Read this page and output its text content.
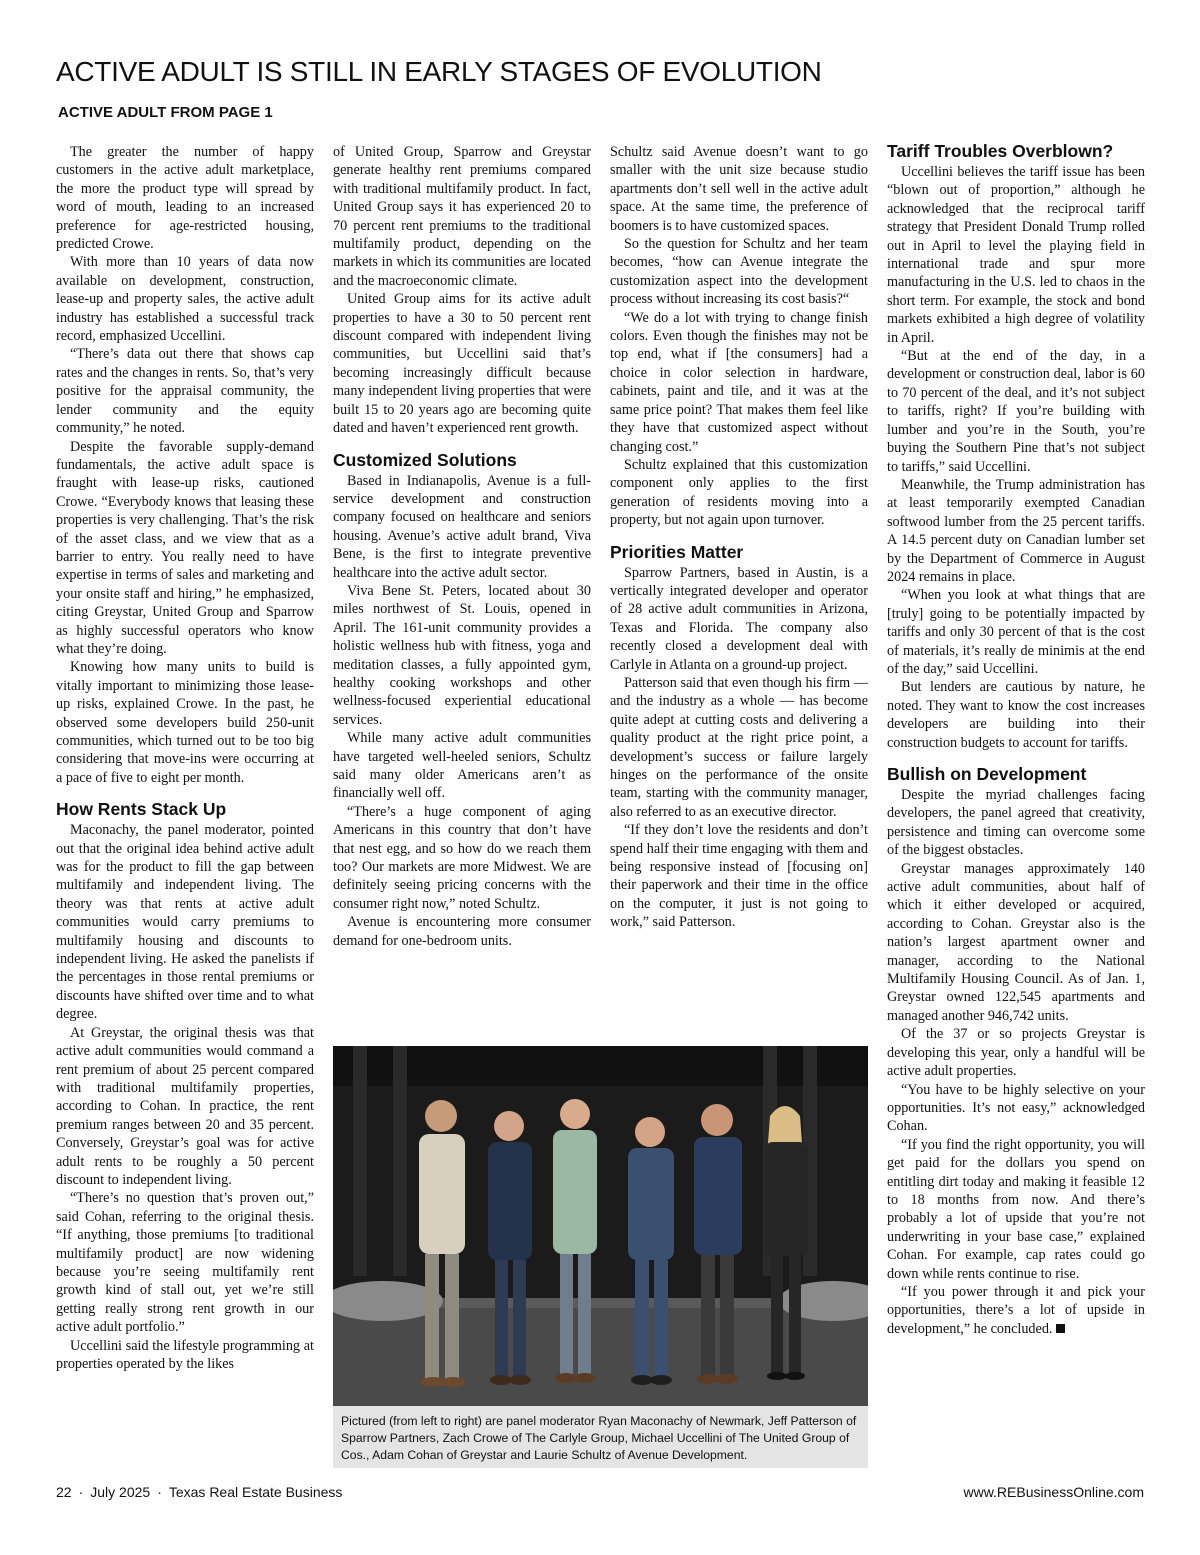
ACTIVE ADULT IS STILL IN EARLY STAGES OF EVOLUTION
ACTIVE ADULT FROM PAGE 1

The greater the number of happy customers in the active adult marketplace, the more the product type will spread by word of mouth, leading to an increased preference for age-restricted housing, predicted Crowe.

With more than 10 years of data now available on development, construction, lease-up and property sales, the active adult industry has established a successful track record, emphasized Uccellini.

“There’s data out there that shows cap rates and the changes in rents. So, that’s very positive for the appraisal community, the lender community and the equity community,” he noted.

Despite the favorable supply-demand fundamentals, the active adult space is fraught with lease-up risks, cautioned Crowe. “Everybody knows that leasing these properties is very challenging. That’s the risk of the asset class, and we view that as a barrier to entry. You really need to have expertise in terms of sales and marketing and your onsite staff and hiring,” he emphasized, citing Greystar, United Group and Sparrow as highly successful operators who know what they’re doing.

Knowing how many units to build is vitally important to minimizing those lease-up risks, explained Crowe. In the past, he observed some developers build 250-unit communities, which turned out to be too big considering that move-ins were occurring at a pace of five to eight per month.

How Rents Stack Up

Maconachy, the panel moderator, pointed out that the original idea behind active adult was for the product to fill the gap between multifamily and independent living. The theory was that rents at active adult communities would carry premiums to multifamily housing and discounts to independent living. He asked the panelists if the percentages in those rental premiums or discounts have shifted over time and to what degree.

At Greystar, the original thesis was that active adult communities would command a rent premium of about 25 percent compared with traditional multifamily properties, according to Cohan. In practice, the rent premium ranges between 20 and 35 percent. Conversely, Greystar’s goal was for active adult rents to be roughly a 50 percent discount to independent living.

“There’s no question that’s proven out,” said Cohan, referring to the original thesis. “If anything, those premiums [to traditional multifamily product] are now widening because you’re seeing multifamily rent growth kind of stall out, yet we’re still getting really strong rent growth in our active adult portfolio.”

Uccellini said the lifestyle programming at properties operated by the likes

of United Group, Sparrow and Greystar generate healthy rent premiums compared with traditional multifamily product. In fact, United Group says it has experienced 20 to 70 percent rent premiums to the traditional multifamily product, depending on the markets in which its communities are located and the macroeconomic climate.

United Group aims for its active adult properties to have a 30 to 50 percent rent discount compared with independent living communities, but Uccellini said that’s becoming increasingly difficult because many independent living properties that were built 15 to 20 years ago are becoming quite dated and haven’t experienced rent growth.

Customized Solutions

Based in Indianapolis, Avenue is a full-service development and construction company focused on healthcare and seniors housing. Avenue’s active adult brand, Viva Bene, is the first to integrate preventive healthcare into the active adult sector.

Viva Bene St. Peters, located about 30 miles northwest of St. Louis, opened in April. The 161-unit community provides a holistic wellness hub with fitness, yoga and meditation classes, a fully appointed gym, healthy cooking workshops and other wellness-focused experiential educational services.

While many active adult communities have targeted well-heeled seniors, Schultz said many older Americans aren’t as financially well off.

“There’s a huge component of aging Americans in this country that don’t have that nest egg, and so how do we reach them too? Our markets are more Midwest. We are definitely seeing pricing concerns with the consumer right now,” noted Schultz.

Avenue is encountering more consumer demand for one-bedroom units.

Schultz said Avenue doesn’t want to go smaller with the unit size because studio apartments don’t sell well in the active adult space. At the same time, the preference of boomers is to have customized spaces.

So the question for Schultz and her team becomes, “how can Avenue integrate the customization aspect into the development process without increasing its cost basis?“

“We do a lot with trying to change finish colors. Even though the finishes may not be top end, what if [the consumers] had a choice in color selection in hardware, cabinets, paint and tile, and it was at the same price point? That makes them feel like they have that customized aspect without changing cost.”

Schultz explained that this customization component only applies to the first generation of residents moving into a property, but not again upon turnover.

Priorities Matter

Sparrow Partners, based in Austin, is a vertically integrated developer and operator of 28 active adult communities in Arizona, Texas and Florida. The company also recently closed a development deal with Carlyle in Atlanta on a ground-up project.

Patterson said that even though his firm — and the industry as a whole — has become quite adept at cutting costs and delivering a quality product at the right price point, a development’s success or failure largely hinges on the performance of the onsite team, starting with the community manager, also referred to as an executive director.

“If they don’t love the residents and don’t spend half their time engaging with them and being responsive instead of [focusing on] their paperwork and their time in the office on the computer, it just is not going to work,” said Patterson.

Tariff Troubles Overblown?

Uccellini believes the tariff issue has been “blown out of proportion,” although he acknowledged that the reciprocal tariff strategy that President Donald Trump rolled out in April to level the playing field in international trade and spur more manufacturing in the U.S. led to chaos in the short term. For example, the stock and bond markets exhibited a high degree of volatility in April.

“But at the end of the day, in a development or construction deal, labor is 60 to 70 percent of the deal, and it’s not subject to tariffs, right? If you’re building with lumber and you’re in the South, you’re buying the Southern Pine that’s not subject to tariffs,” said Uccellini.

Meanwhile, the Trump administration has at least temporarily exempted Canadian softwood lumber from the 25 percent tariffs. A 14.5 percent duty on Canadian lumber set by the Department of Commerce in August 2024 remains in place.

“When you look at what things that are [truly] going to be potentially impacted by tariffs and only 30 percent of that is the cost of materials, it’s really de minimis at the end of the day,” said Uccellini.

But lenders are cautious by nature, he noted. They want to know the cost increases developers are building into their construction budgets to account for tariffs.

Bullish on Development

Despite the myriad challenges facing developers, the panel agreed that creativity, persistence and timing can overcome some of the biggest obstacles.

Greystar manages approximately 140 active adult communities, about half of which it either developed or acquired, according to Cohan. Greystar also is the nation’s largest apartment owner and manager, according to the National Multifamily Housing Council. As of Jan. 1, Greystar owned 122,545 apartments and managed another 946,742 units.

Of the 37 or so projects Greystar is developing this year, only a handful will be active adult properties.

“You have to be highly selective on your opportunities. It’s not easy,” acknowledged Cohan.

“If you find the right opportunity, you will get paid for the dollars you spend on entitling dirt today and making it feasible 12 to 18 months from now. And there’s probably a lot of upside that you’re not underwriting in your base case,” explained Cohan. For example, cap rates could go down while rents continue to rise.

“If you power through it and pick your opportunities, there’s a lot of upside in development,” he concluded.

Pictured (from left to right) are panel moderator Ryan Maconachy of Newmark, Jeff Patterson of Sparrow Partners, Zach Crowe of The Carlyle Group, Michael Uccellini of The United Group of Cos., Adam Cohan of Greystar and Laurie Schultz of Avenue Development.
22 · July 2025 · Texas Real Estate Business	www.REBusinessOnline.com
